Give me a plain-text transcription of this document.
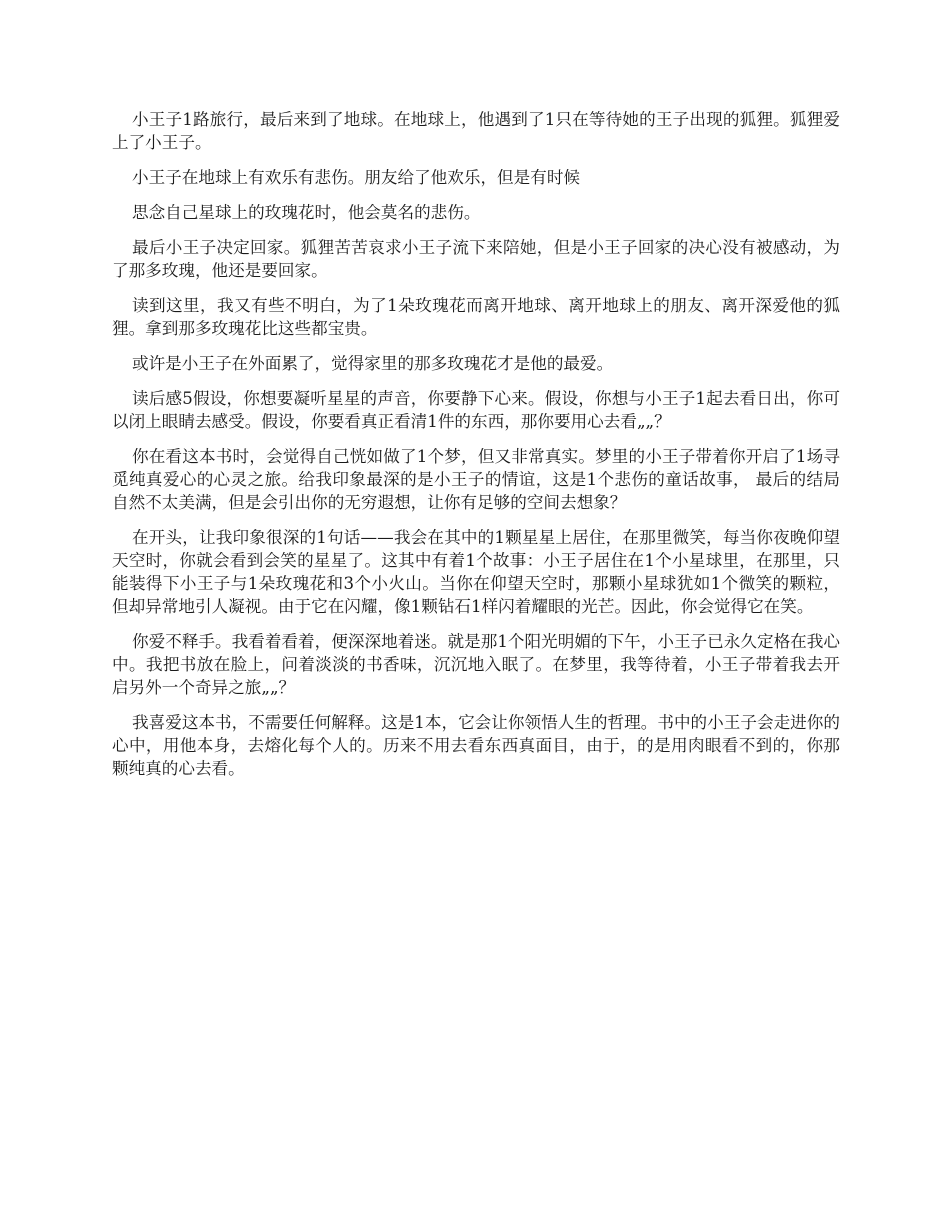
小王子1路旅行，最后来到了地球。在地球上，他遇到了1只在等待她的王子出现的狐狸。狐狸爱上了小王子。

小王子在地球上有欢乐有悲伤。朋友给了他欢乐，但是有时候

思念自己星球上的玫瑰花时，他会莫名的悲伤。

最后小王子决定回家。狐狸苦苦哀求小王子流下来陪她，但是小王子回家的决心没有被感动，为了那多玫瑰，他还是要回家。

读到这里，我又有些不明白，为了1朵玫瑰花而离开地球、离开地球上的朋友、离开深爱他的狐狸。拿到那多玫瑰花比这些都宝贵。

或许是小王子在外面累了，觉得家里的那多玫瑰花才是他的最爱。

读后感5假设，你想要凝听星星的声音，你要静下心来。假设，你想与小王子1起去看日出，你可以闭上眼睛去感受。假设，你要看真正看清1件的东西，那你要用心去看„„？

你在看这本书时，会觉得自己恍如做了1个梦，但又非常真实。梦里的小王子带着你开启了1场寻觅纯真爱心的心灵之旅。给我印象最深的是小王子的情谊，这是1个悲伤的童话故事， 最后的结局自然不太美满，但是会引出你的无穷遐想，让你有足够的空间去想象？

在开头，让我印象很深的1句话——我会在其中的1颗星星上居住，在那里微笑，每当你夜晚仰望天空时，你就会看到会笑的星星了。这其中有着1个故事：小王子居住在1个小星球里，在那里，只能装得下小王子与1朵玫瑰花和3个小火山。当你在仰望天空时，那颗小星球犹如1个微笑的颗粒，但却异常地引人凝视。由于它在闪耀，像1颗钻石1样闪着耀眼的光芒。因此，你会觉得它在笑。

你爱不释手。我看着看着，便深深地着迷。就是那1个阳光明媚的下午，小王子已永久定格在我心中。我把书放在脸上，问着淡淡的书香味，沉沉地入眠了。在梦里，我等待着，小王子带着我去开启另外一个奇异之旅„„？

我喜爱这本书，不需要任何解释。这是1本，它会让你领悟人生的哲理。书中的小王子会走进你的心中，用他本身，去熔化每个人的。历来不用去看东西真面目，由于，的是用肉眼看不到的，你那颗纯真的心去看。
